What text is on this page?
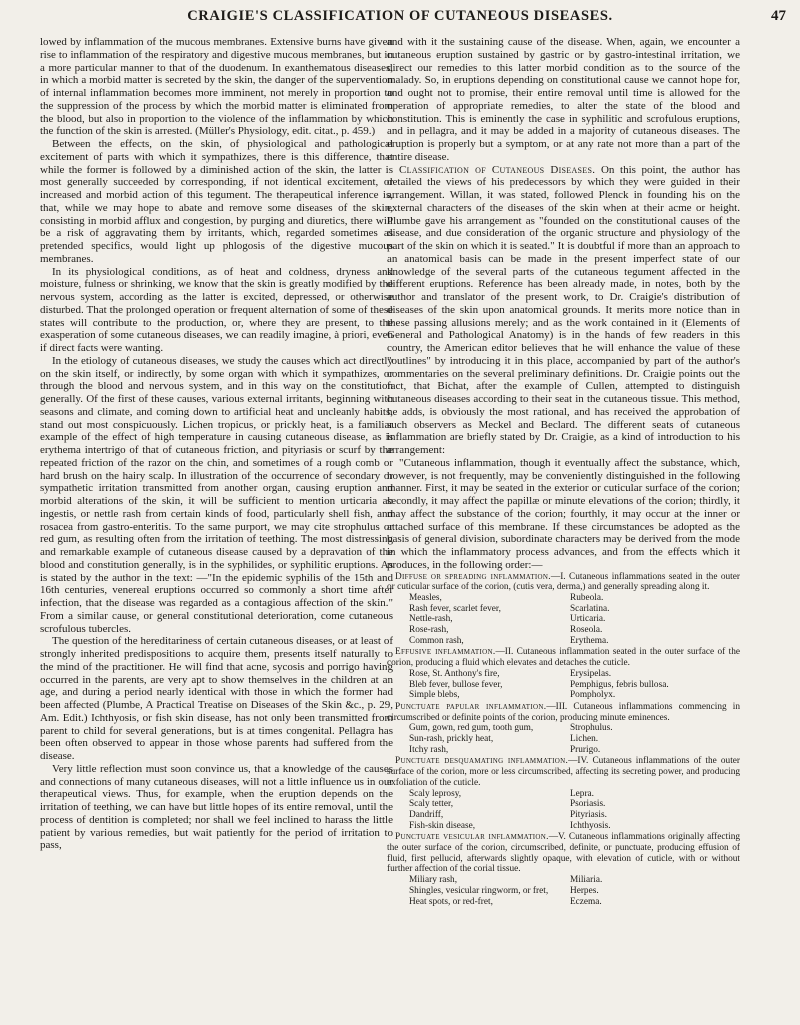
CRAIGIE'S CLASSIFICATION OF CUTANEOUS DISEASES.	47

lowed by inflammation of the mucous membranes. Extensive burns have given rise to inflammation of the respiratory and digestive mucous membranes, but in a more particular manner to that of the duodenum. In exanthematous diseases, in which a morbid matter is secreted by the skin, the danger of the supervention of internal inflammation becomes more imminent, not merely in proportion to the suppression of the process by which the morbid matter is eliminated from the blood, but also in proportion to the violence of the inflammation by which the function of the skin is arrested. (Müller's Physiology, edit. citat., p. 459.)

Between the effects, on the skin, of physiological and pathological excitement of parts with which it sympathizes, there is this difference, that while the former is followed by a diminished action of the skin, the latter is most generally succeeded by corresponding, if not identical excitement, or increased and morbid action of this tegument. The therapeutical inference is, that, while we may hope to abate and remove some diseases of the skin, consisting in morbid afflux and congestion, by purging and diuretics, there will be a risk of aggravating them by irritants, which, regarded sometimes as pretended specifics, would light up phlogosis of the digestive mucous membranes.

In its physiological conditions, as of heat and coldness, dryness and moisture, fulness or shrinking, we know that the skin is greatly modified by the nervous system, according as the latter is excited, depressed, or otherwise disturbed. That the prolonged operation or frequent alternation of some of these states will contribute to the production, or, where they are present, to the exasperation of some cutaneous diseases, we can readily imagine, à priori, even if direct facts were wanting.

In the etiology of cutaneous diseases, we study the causes which act directly on the skin itself, or indirectly, by some organ with which it sympathizes, or through the blood and nervous system, and in this way on the constitution generally. Of the first of these causes, various external irritants, beginning with seasons and climate, and coming down to artificial heat and uncleanly habits, stand out most conspicuously. Lichen tropicus, or prickly heat, is a familiar example of the effect of high temperature in causing cutaneous disease, as is erythema intertrigo of that of cutaneous friction, and pityriasis or scurf by the repeated friction of the razor on the chin, and sometimes of a rough comb or hard brush on the hairy scalp. In illustration of the occurrence of secondary or sympathetic irritation transmitted from another organ, causing eruption and morbid alterations of the skin, it will be sufficient to mention urticaria ab ingestis, or nettle rash from certain kinds of food, particularly shell fish, and rosacea from gastro-enteritis. To the same purport, we may cite strophulus or red gum, as resulting often from the irritation of teething. The most distressing and remarkable example of cutaneous disease caused by a depravation of the blood and constitution generally, is in the syphilides, or syphilitic eruptions. As is stated by the author in the text: —"In the epidemic syphilis of the 15th and 16th centuries, venereal eruptions occurred so commonly a short time after infection, that the disease was regarded as a contagious affection of the skin." From a similar cause, or general constitutional deterioration, come cutaneous scrofulous tubercles.

The question of the hereditariness of certain cutaneous diseases, or at least of strongly inherited predispositions to acquire them, presents itself naturally to the mind of the practitioner. He will find that acne, sycosis and porrigo having occurred in the parents, are very apt to show themselves in the children at an age, and during a period nearly identical with those in which the former had been affected (Plumbe, A Practical Treatise on Diseases of the Skin &c., p. 29, Am. Edit.) Ichthyosis, or fish skin disease, has not only been transmitted from parent to child for several generations, but is at times congenital. Pellagra has been often observed to appear in those whose parents had suffered from the disease.

Very little reflection must soon convince us, that a knowledge of the causes and connections of many cutaneous diseases, will not a little influence us in our therapeutical views. Thus, for example, when the eruption depends on the irritation of teething, we can have but little hopes of its entire removal, until the process of dentition is completed; nor shall we feel inclined to harass the little patient by various remedies, but wait patiently for the period of irritation to pass,

and with it the sustaining cause of the disease. When, again, we encounter a cutaneous eruption sustained by gastric or by gastro-intestinal irritation, we direct our remedies to this latter morbid condition as to the source of the malady. So, in eruptions depending on constitutional cause we cannot hope for, and ought not to promise, their entire removal until time is allowed for the operation of appropriate remedies, to alter the state of the blood and constitution. This is eminently the case in syphilitic and scrofulous eruptions, and in pellagra, and it may be added in a majority of cutaneous diseases. The eruption is properly but a symptom, or at any rate not more than a part of the entire disease.

Classification of Cutaneous Diseases. On this point, the author has detailed the views of his predecessors by which they were guided in their arrangement. Willan, it was stated, followed Plenck in founding his on the external characters of the diseases of the skin when at their acme or height. Plumbe gave his arrangement as "founded on the constitutional causes of the disease, and due consideration of the organic structure and physiology of the part of the skin on which it is seated." It is doubtful if more than an approach to an anatomical basis can be made in the present imperfect state of our knowledge of the several parts of the cutaneous tegument affected in the different eruptions. Reference has been already made, in notes, both by the author and translator of the present work, to Dr. Craigie's distribution of diseases of the skin upon anatomical grounds. It merits more notice than in these passing allusions merely; and as the work contained in it (Elements of General and Pathological Anatomy) is in the hands of few readers in this country, the American editor believes that he will enhance the value of these "outlines" by introducing it in this place, accompanied by part of the author's commentaries on the several preliminary definitions. Dr. Craigie points out the fact, that Bichat, after the example of Cullen, attempted to distinguish cutaneous diseases according to their seat in the cutaneous tissue. This method, he adds, is obviously the most rational, and has received the approbation of such observers as Meckel and Beclard. The different seats of cutaneous inflammation are briefly stated by Dr. Craigie, as a kind of introduction to his arrangement:

"Cutaneous inflammation, though it eventually affect the substance, which, however, is not frequently, may be conveniently distinguished in the following manner. First, it may be seated in the exterior or cuticular surface of the corion; secondly, it may affect the papillæ or minute elevations of the corion; thirdly, it may affect the substance of the corion; fourthly, it may occur at the inner or attached surface of this membrane. If these circumstances be adopted as the basis of general division, subordinate characters may be derived from the mode in which the inflammatory process advances, and from the effects which it produces, in the following order:—

Diffuse or spreading inflammation.—I. Cutaneous inflammations seated in the outer or cuticular surface of the corion, (cutis vera, derma,) and generally spreading along it.

Measles,	Rubeola.
Rash fever, scarlet fever,	Scarlatina.
Nettle-rash,	Urticaria.
Rose-rash,	Roseola.
Common rash,	Erythema.

Effusive inflammation.—II. Cutaneous inflammation seated in the outer surface of the corion, producing a fluid which elevates and detaches the cuticle.

Rose, St. Anthony's fire,	Erysipelas.
Bleb fever, bullose fever,	Pemphigus, febris bullosa.
Simple blebs,	Pompholyx.

Punctuate papular inflammation.—III. Cutaneous inflammations commencing in circumscribed or definite points of the corion, producing minute eminences.

Gum, gown, red gum, tooth gum,	Strophulus.
Sun-rash, prickly heat,	Lichen.
Itchy rash,	Prurigo.

Punctuate desquamating inflammation.—IV. Cutaneous inflammations of the outer surface of the corion, more or less circumscribed, affecting its secreting power, and producing exfoliation of the cuticle.

Scaly leprosy,	Lepra.
Scaly tetter,	Psoriasis.
Dandriff,	Pityriasis.
Fish-skin disease,	Ichthyosis.

Punctuate vesicular inflammation.—V. Cutaneous inflammations originally affecting the outer surface of the corion, circumscribed, definite, or punctuate, producing effusion of fluid, first pellucid, afterwards slightly opaque, with elevation of cuticle, with or without further affection of the corial tissue.

Miliary rash,	Miliaria.
Shingles, vesicular ringworm, or fret, Herpes.
Heat spots, or red-fret,	Eczema.
